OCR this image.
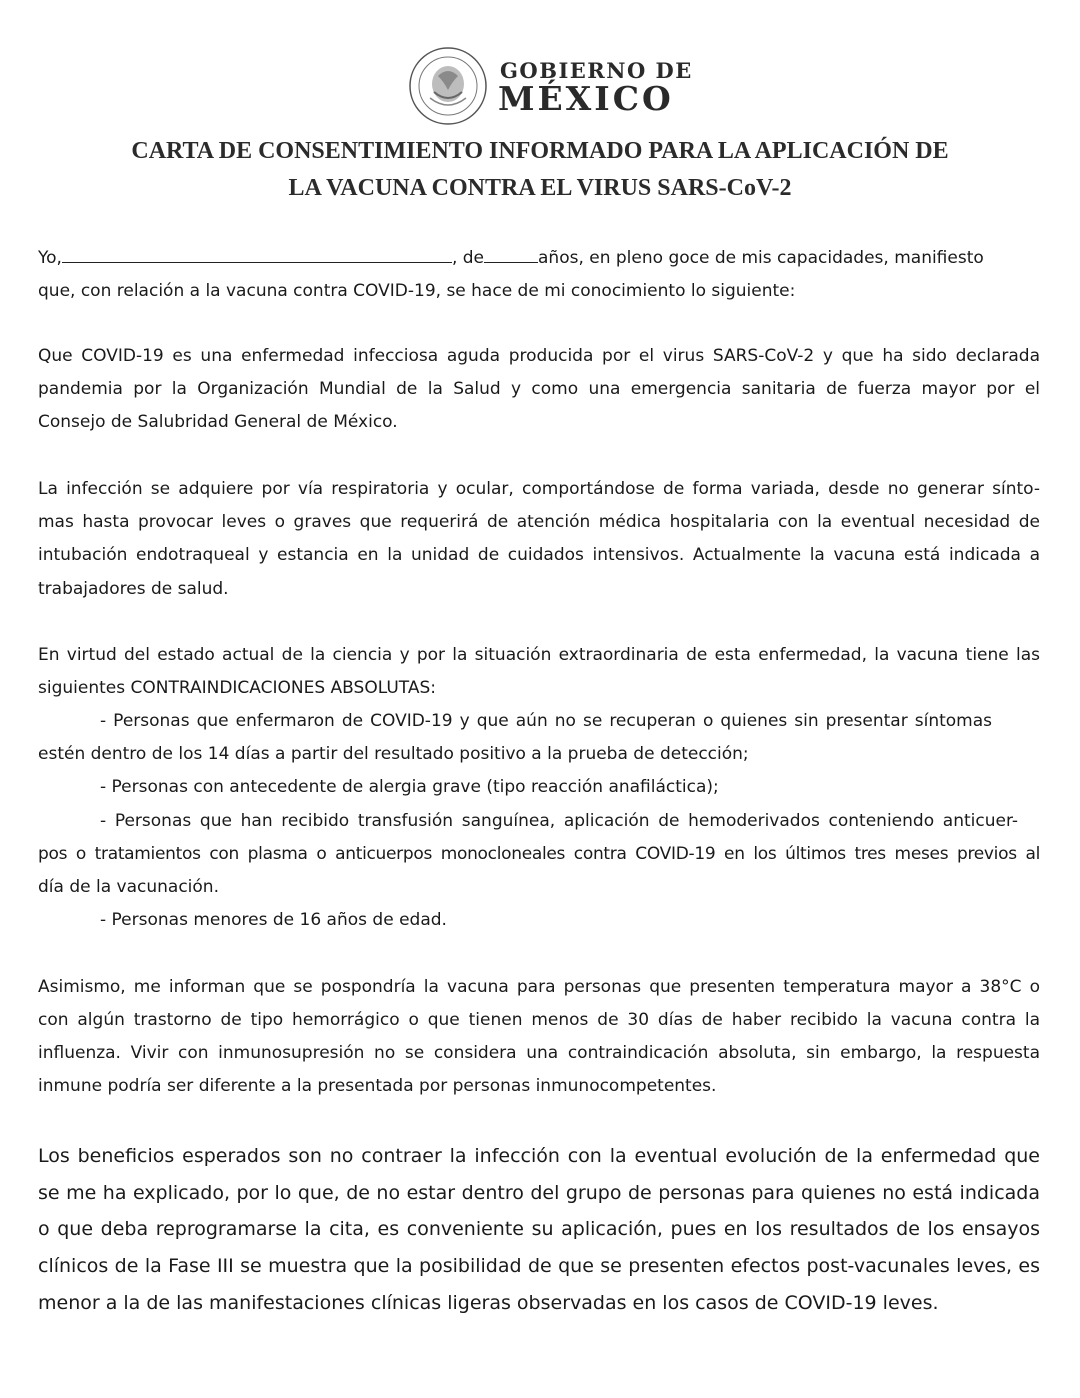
GOBIERNO DE
MÉXICO
CARTA DE CONSENTIMIENTO INFORMADO PARA LA APLICACIÓN DE
LA VACUNA CONTRA EL VIRUS SARS-CoV-2
Yo,	, de	años, en pleno goce de mis capacidades, manifiesto
que, con relación a la vacuna contra COVID-19, se hace de mi conocimiento lo siguiente:
Que COVID-19 es una enfermedad infecciosa aguda producida por el virus SARS-CoV-2 y que ha sido declarada
pandemia por la Organización Mundial de la Salud y como una emergencia sanitaria de fuerza mayor por el
Consejo de Salubridad General de México.
La infección se adquiere por vía respiratoria y ocular, comportándose de forma variada, desde no generar sínto-
mas hasta provocar leves o graves que requerirá de atención médica hospitalaria con la eventual necesidad de
intubación endotraqueal y estancia en la unidad de cuidados intensivos. Actualmente la vacuna está indicada a
trabajadores de salud.
En virtud del estado actual de la ciencia y por la situación extraordinaria de esta enfermedad, la vacuna tiene las
siguientes CONTRAINDICACIONES ABSOLUTAS:
- Personas que enfermaron de COVID-19 y que aún no se recuperan o quienes sin presentar síntomas
estén dentro de los 14 días a partir del resultado positivo a la prueba de detección;
- Personas con antecedente de alergia grave (tipo reacción anafiláctica);
- Personas que han recibido transfusión sanguínea, aplicación de hemoderivados conteniendo anticuer-
pos o tratamientos con plasma o anticuerpos monocloneales contra COVID-19 en los últimos tres meses previos al
día de la vacunación.
- Personas menores de 16 años de edad.
Asimismo, me informan que se pospondría la vacuna para personas que presenten temperatura mayor a 38°C o
con algún trastorno de tipo hemorrágico o que tienen menos de 30 días de haber recibido la vacuna contra la
influenza. Vivir con inmunosupresión no se considera una contraindicación absoluta, sin embargo, la respuesta
inmune podría ser diferente a la presentada por personas inmunocompetentes.
Los beneficios esperados son no contraer la infección con la eventual evolución de la enfermedad que
se me ha explicado, por lo que, de no estar dentro del grupo de personas para quienes no está indicada
o que deba reprogramarse la cita, es conveniente su aplicación, pues en los resultados de los ensayos
clínicos de la Fase III se muestra que la posibilidad de que se presenten efectos post-vacunales leves, es
menor a la de las manifestaciones clínicas ligeras observadas en los casos de COVID-19 leves.
